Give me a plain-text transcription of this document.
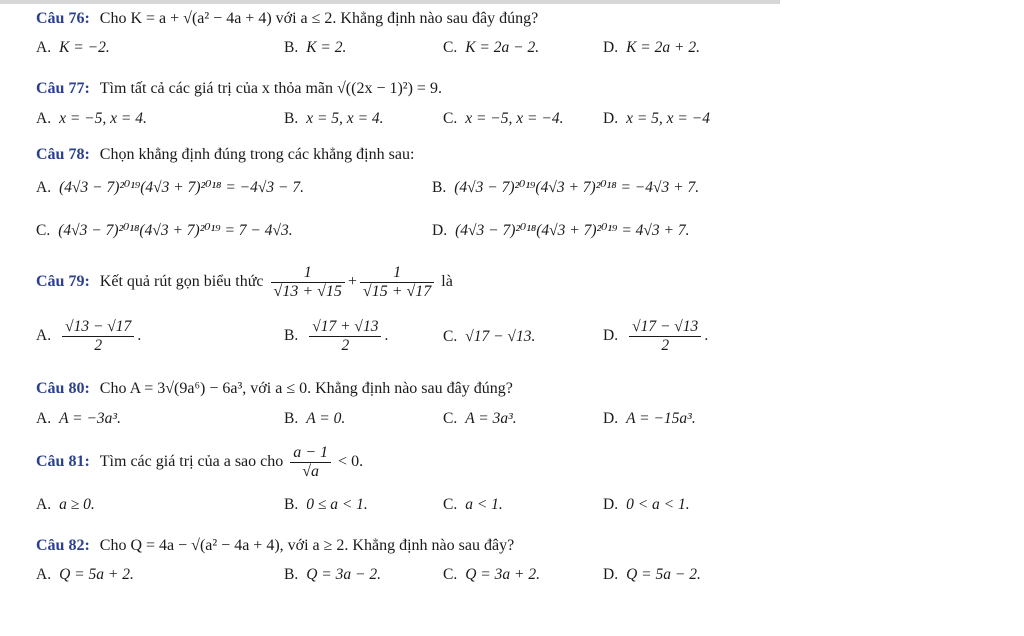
Câu 76: Cho K = a + √(a² − 4a + 4) với a ≤ 2. Khẳng định nào sau đây đúng?
A. K = −2.	B. K = 2.	C. K = 2a − 2.	D. K = 2a + 2.
Câu 77: Tìm tất cả các giá trị của x thỏa mãn √((2x − 1)²) = 9.
A. x = −5, x = 4.	B. x = 5, x = 4.	C. x = −5, x = −4.	D. x = 5, x = −4
Câu 78: Chọn khẳng định đúng trong các khẳng định sau:
A. (4√3 − 7)²⁰¹⁹(4√3 + 7)²⁰¹⁸ = −4√3 − 7.	B. (4√3 − 7)²⁰¹⁹(4√3 + 7)²⁰¹⁸ = −4√3 + 7.
C. (4√3 − 7)²⁰¹⁸(4√3 + 7)²⁰¹⁹ = 7 − 4√3.	D. (4√3 − 7)²⁰¹⁸(4√3 + 7)²⁰¹⁹ = 4√3 + 7.
Câu 79: Kết quả rút gọn biểu thức $\frac{1}{√13 + √15} + \frac{1}{√15 + √17}$ là
A. $\frac{√13 - √17}{2}$ .	B. $\frac{√17 + √13}{2}$ .	C. √17 − √13.	D. $\frac{√17 - √13}{2}$ .
Câu 80: Cho A = 3√(9a⁶) − 6a³, với a ≤ 0. Khẳng định nào sau đây đúng?
A. A = −3a³.	B. A = 0.	C. A = 3a³.	D. A = −15a³.
Câu 81: Tìm các giá trị của a sao cho $\frac{a - 1}{√a} < 0$.
A. a ≥ 0.	B. 0 ≤ a < 1.	C. a < 1.	D. 0 < a < 1.
Câu 82: Cho Q = 4a − √(a² − 4a + 4), với a ≥ 2. Khẳng định nào sau đây?
A. Q = 5a + 2.	B. Q = 3a − 2.	C. Q = 3a + 2.	D. Q = 5a − 2.
